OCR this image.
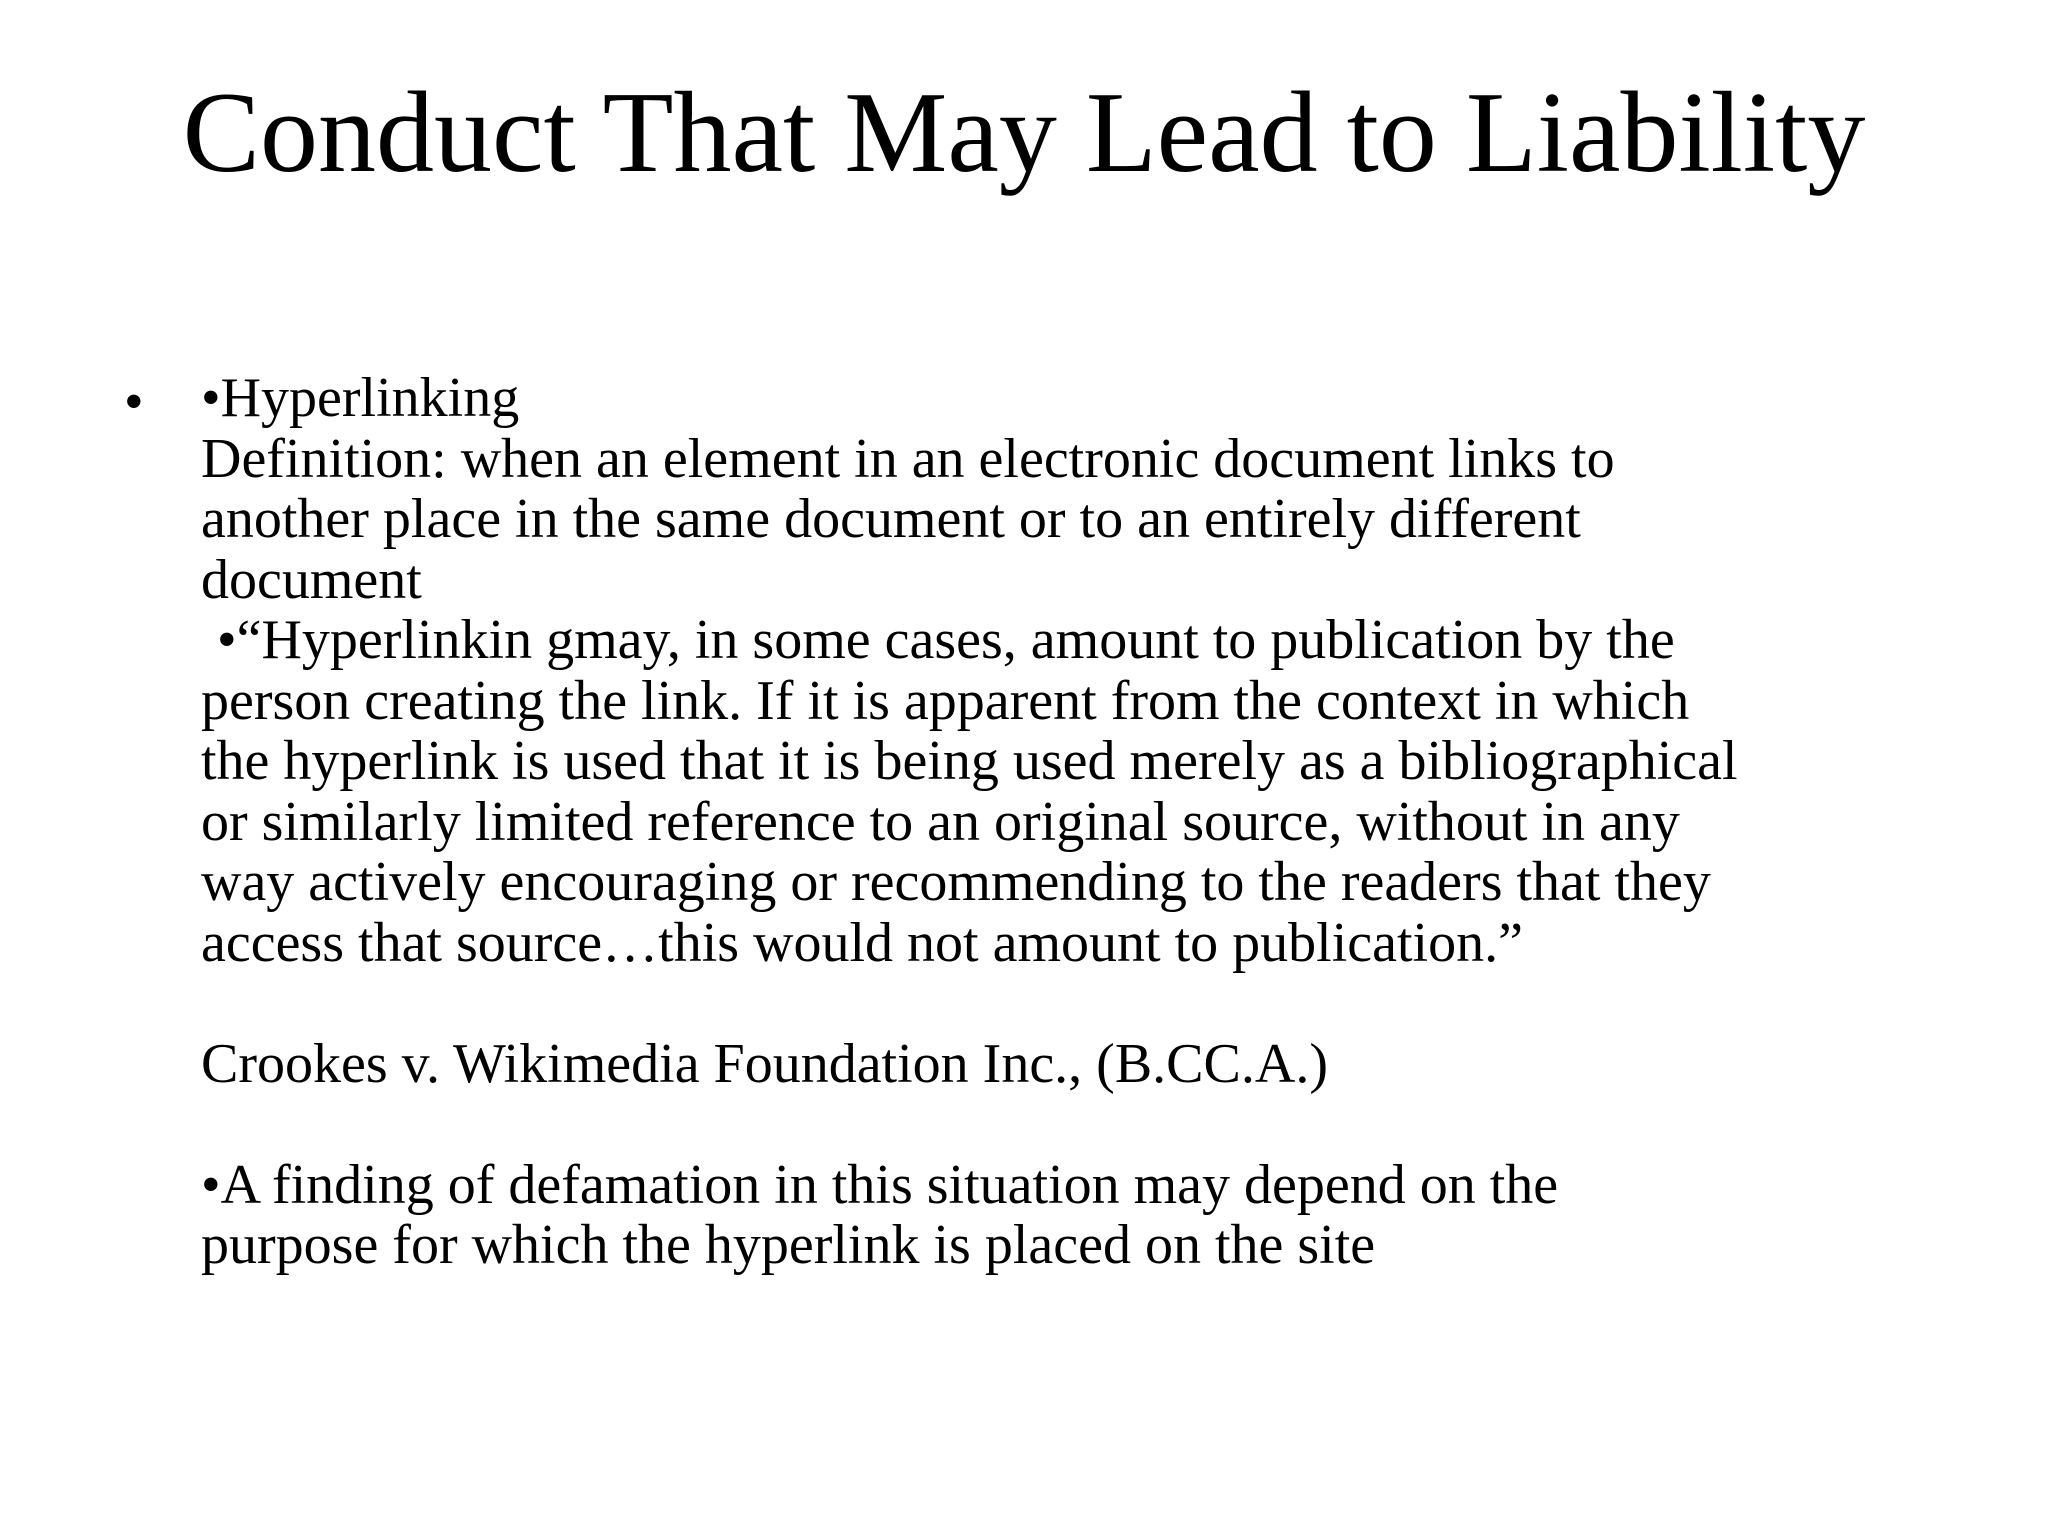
Conduct That May Lead to Liability
• •Hyperlinking
Definition: when an element in an electronic document links to
another place in the same document or to an entirely different
document
•“Hyperlinkin gmay, in some cases, amount to publication by the
person creating the link. If it is apparent from the context in which
the hyperlink is used that it is being used merely as a bibliographical
or similarly limited reference to an original source, without in any
way actively encouraging or recommending to the readers that they
access that source…this would not amount to publication.”
Crookes v. Wikimedia Foundation Inc., (B.CC.A.)
•A finding of defamation in this situation may depend on the
purpose for which the hyperlink is placed on the site
